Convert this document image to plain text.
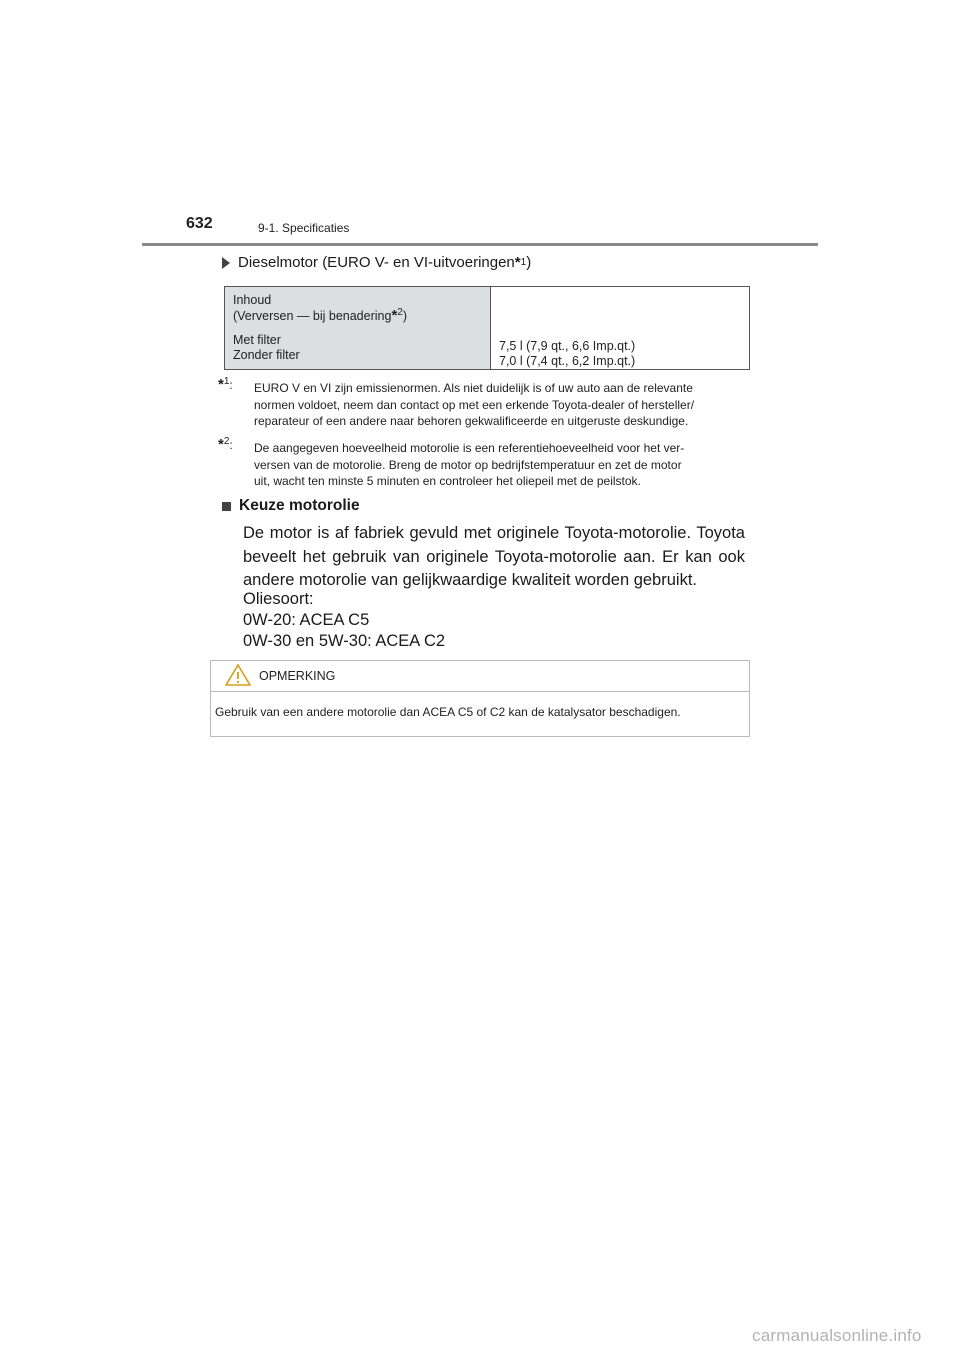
632	9-1. Specificaties
Dieselmotor (EURO V- en VI-uitvoeringen * 1 )
Inhoud
(Verversen — bij benadering*$^2$)
Met filter
Zonder filter
7,5 l (7,9 qt., 6,6 Imp.qt.)
7,0 l (7,4 qt., 6,2 Imp.qt.)
*$^1$: EURO V en VI zijn emissienormen. Als niet duidelijk is of uw auto aan de relevante
normen voldoet, neem dan contact op met een erkende Toyota-dealer of hersteller/
reparateur of een andere naar behoren gekwalificeerde en uitgeruste deskundige.
*$^2$: De aangegeven hoeveelheid motorolie is een referentiehoeveelheid voor het ver-
versen van de motorolie. Breng de motor op bedrijfstemperatuur en zet de motor
uit, wacht ten minste 5 minuten en controleer het oliepeil met de peilstok.
Keuze motorolie
De motor is af fabriek gevuld met originele Toyota-motorolie. Toyota beveelt het gebruik van originele Toyota-motorolie aan. Er kan ook andere motorolie van gelijkwaardige kwaliteit worden gebruikt.
Oliesoort:
0W-20: ACEA C5
0W-30 en 5W-30: ACEA C2
OPMERKING
Gebruik van een andere motorolie dan ACEA C5 of C2 kan de katalysator beschadigen.
carmanualsonline.info
